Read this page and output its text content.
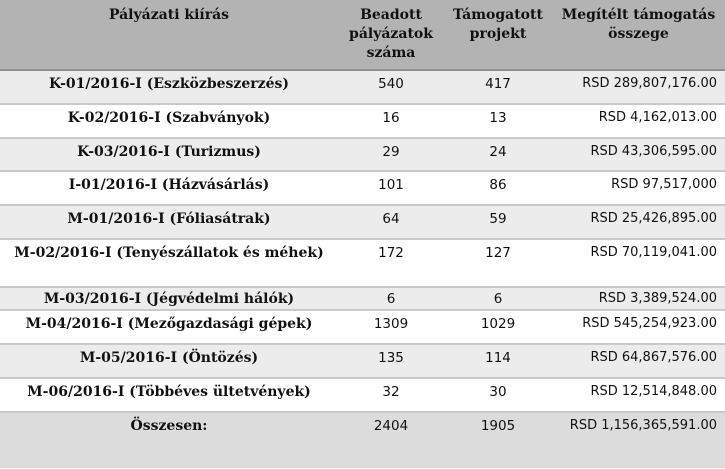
Pályázati kiírás	Beadott pályázatok száma	Támogatott projekt	Megítélt támogatás összege
K-01/2016-I (Eszközbeszerzés)	540	417	RSD 289,807,176.00
K-02/2016-I (Szabványok)	16	13	RSD 4,162,013.00
K-03/2016-I (Turizmus)	29	24	RSD 43,306,595.00
I-01/2016-I (Házvásárlás)	101	86	RSD 97,517,000
M-01/2016-I (Fóliasátrak)	64	59	RSD 25,426,895.00
M-02/2016-I (Tenyészállatok és méhek)	172	127	RSD 70,119,041.00
M-03/2016-I (Jégvédelmi hálók)	6	6	RSD 3,389,524.00
M-04/2016-I (Mezőgazdasági gépek)	1309	1029	RSD 545,254,923.00
M-05/2016-I (Öntözés)	135	114	RSD 64,867,576.00
M-06/2016-I (Többéves ültetvények)	32	30	RSD 12,514,848.00
Összesen:	2404	1905	RSD 1,156,365,591.00
